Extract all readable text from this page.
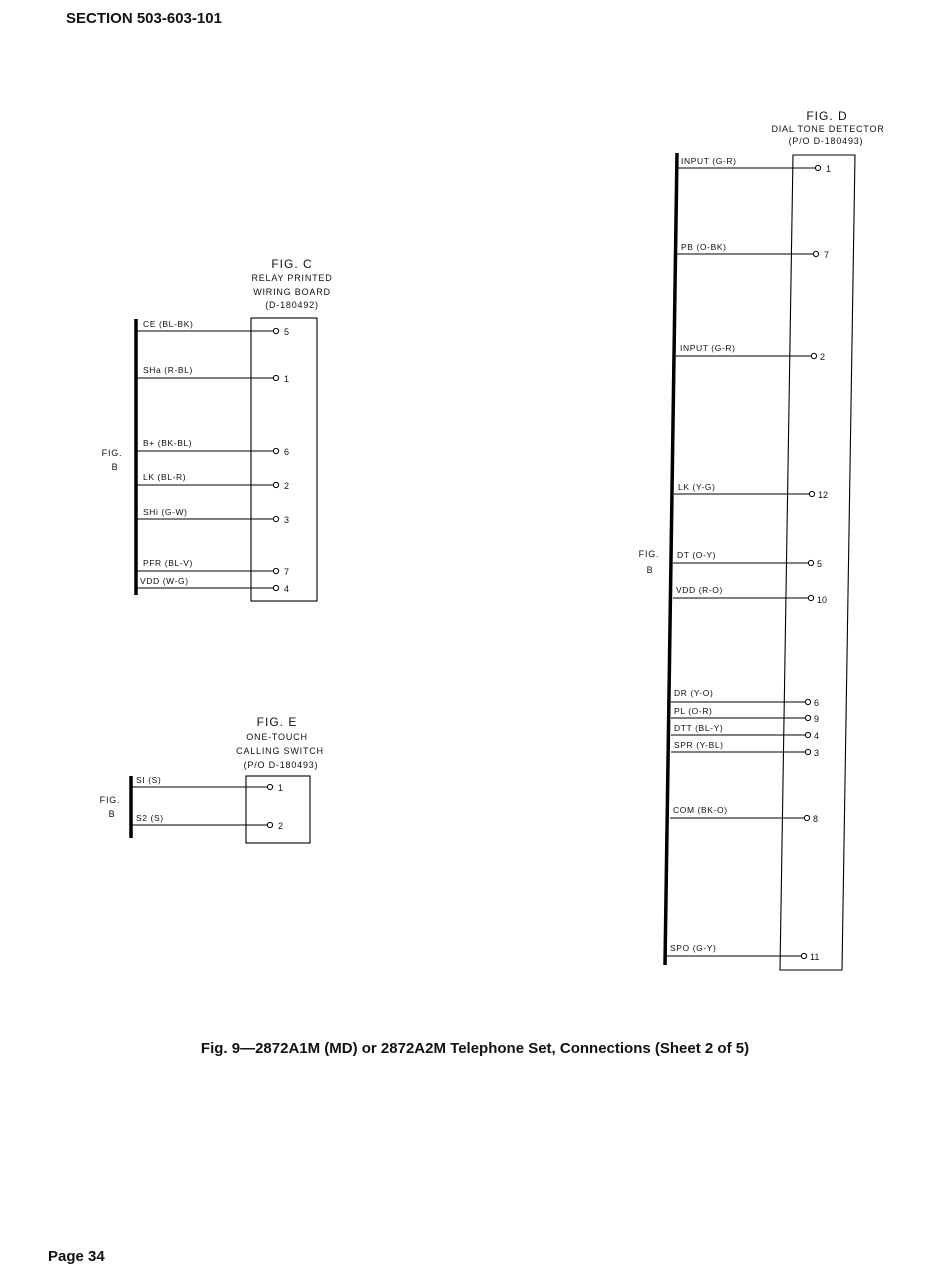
SECTION 503-603-101
FIG. C
RELAY PRINTED
WIRING BOARD
(D-180492)
FIG.
B
CE (BL-BK)
5
SHa (R-BL)
1
B+ (BK-BL)
6
LK (BL-R)
2
SHi (G-W)
3
PFR (BL-V)
7
VDD (W-G)
4
FIG. E
ONE-TOUCH
CALLING SWITCH
(P/O D-180493)
FIG.
B
SI (S)
1
S2 (S)
2
FIG. D
DIAL TONE DETECTOR
(P/O D-180493)
FIG.
B
INPUT (G-R)
1
PB (O-BK)
7
INPUT (G-R)
2
LK (Y-G)
12
DT (O-Y)
5
VDD (R-O)
10
DR (Y-O)
6
PL (O-R)
9
DTT (BL-Y)
4
SPR (Y-BL)
3
COM (BK-O)
8
SPO (G-Y)
11
Fig. 9—2872A1M (MD) or 2872A2M Telephone Set, Connections (Sheet 2 of 5)
Page 34
